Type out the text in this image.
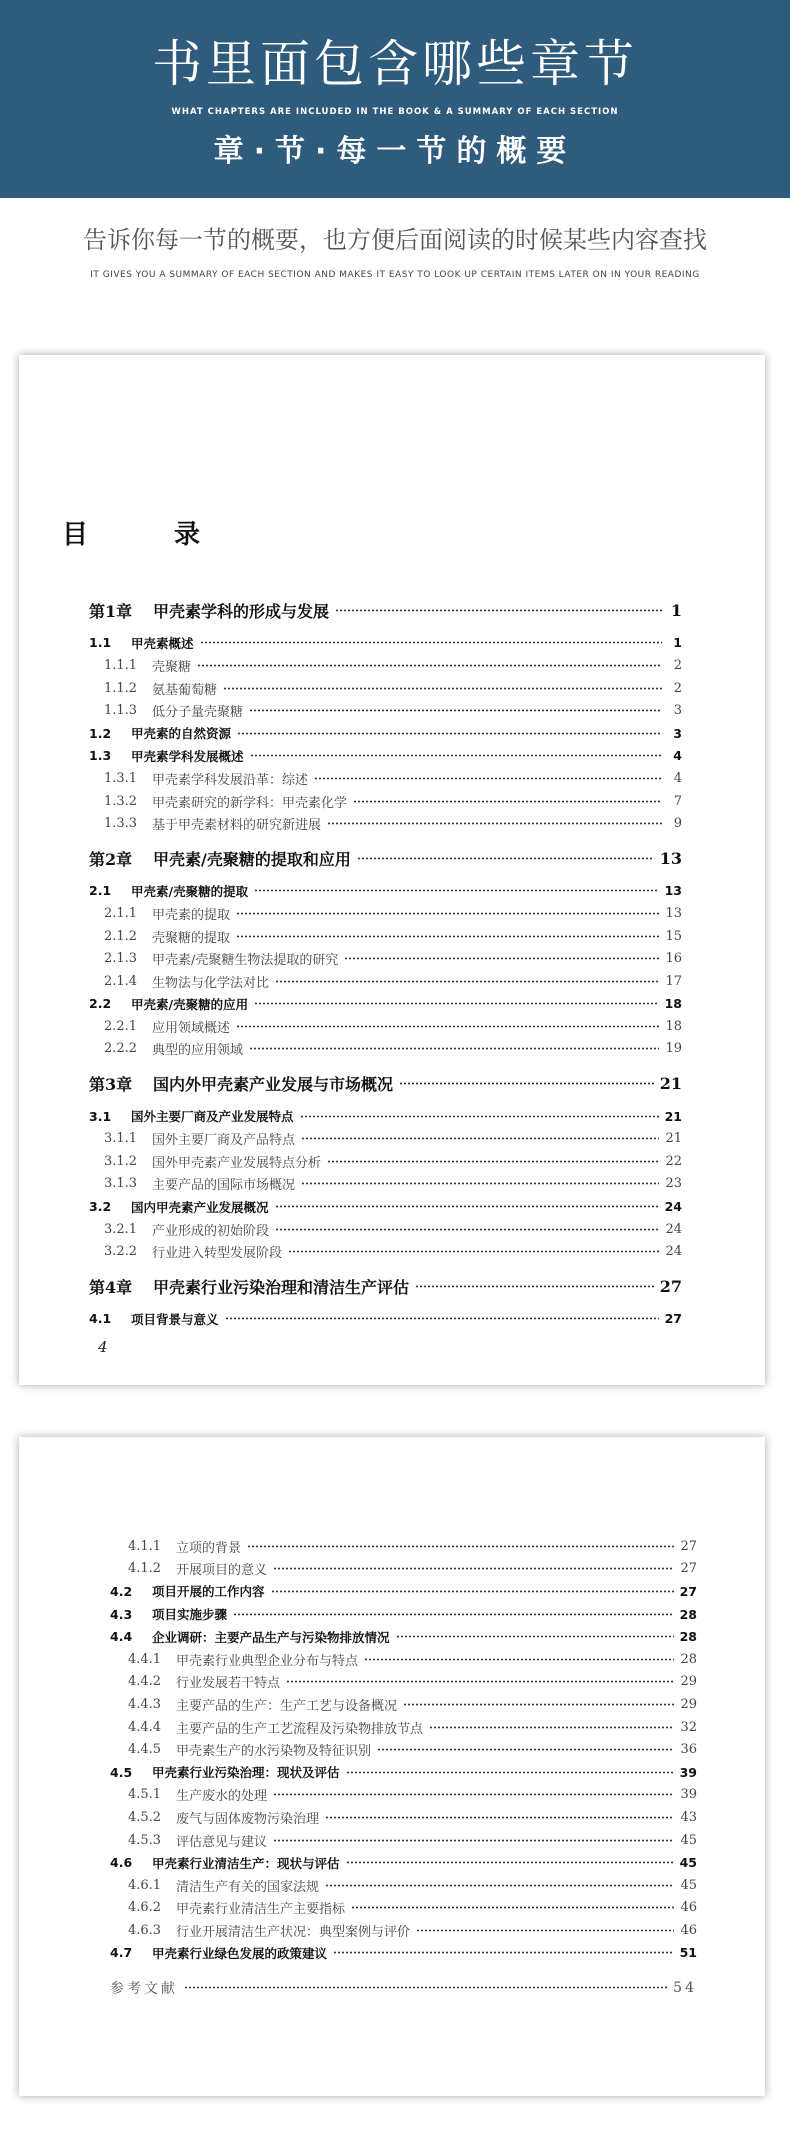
书里面包含哪些章节
WHAT CHAPTERS ARE INCLUDED IN THE BOOK & A SUMMARY OF EACH SECTION
章·节·每一节的概要
告诉你每一节的概要，也方便后面阅读的时候某些内容查找
IT GIVES YOU A SUMMARY OF EACH SECTION AND MAKES IT EASY TO LOOK UP CERTAIN ITEMS LATER ON IN YOUR READING
目　录
第1章	甲壳素学科的形成与发展	1
1.1	甲壳素概述	1
1.1.1	壳聚糖	2
1.1.2	氨基葡萄糖	2
1.1.3	低分子量壳聚糖	3
1.2	甲壳素的自然资源	3
1.3	甲壳素学科发展概述	4
1.3.1	甲壳素学科发展沿革：综述	4
1.3.2	甲壳素研究的新学科：甲壳素化学	7
1.3.3	基于甲壳素材料的研究新进展	9
第2章	甲壳素/壳聚糖的提取和应用	13
2.1	甲壳素/壳聚糖的提取	13
2.1.1	甲壳素的提取	13
2.1.2	壳聚糖的提取	15
2.1.3	甲壳素/壳聚糖生物法提取的研究	16
2.1.4	生物法与化学法对比	17
2.2	甲壳素/壳聚糖的应用	18
2.2.1	应用领域概述	18
2.2.2	典型的应用领域	19
第3章	国内外甲壳素产业发展与市场概况	21
3.1	国外主要厂商及产业发展特点	21
3.1.1	国外主要厂商及产品特点	21
3.1.2	国外甲壳素产业发展特点分析	22
3.1.3	主要产品的国际市场概况	23
3.2	国内甲壳素产业发展概况	24
3.2.1	产业形成的初始阶段	24
3.2.2	行业进入转型发展阶段	24
第4章	甲壳素行业污染治理和清洁生产评估	27
4.1	项目背景与意义	27
4
4.1.1	立项的背景	27
4.1.2	开展项目的意义	27
4.2	项目开展的工作内容	27
4.3	项目实施步骤	28
4.4	企业调研：主要产品生产与污染物排放情况	28
4.4.1	甲壳素行业典型企业分布与特点	28
4.4.2	行业发展若干特点	29
4.4.3	主要产品的生产：生产工艺与设备概况	29
4.4.4	主要产品的生产工艺流程及污染物排放节点	32
4.4.5	甲壳素生产的水污染物及特征识别	36
4.5	甲壳素行业污染治理：现状及评估	39
4.5.1	生产废水的处理	39
4.5.2	废气与固体废物污染治理	43
4.5.3	评估意见与建议	45
4.6	甲壳素行业清洁生产：现状与评估	45
4.6.1	清洁生产有关的国家法规	45
4.6.2	甲壳素行业清洁生产主要指标	46
4.6.3	行业开展清洁生产状况：典型案例与评价	46
4.7	甲壳素行业绿色发展的政策建议	51
参考文献	54
